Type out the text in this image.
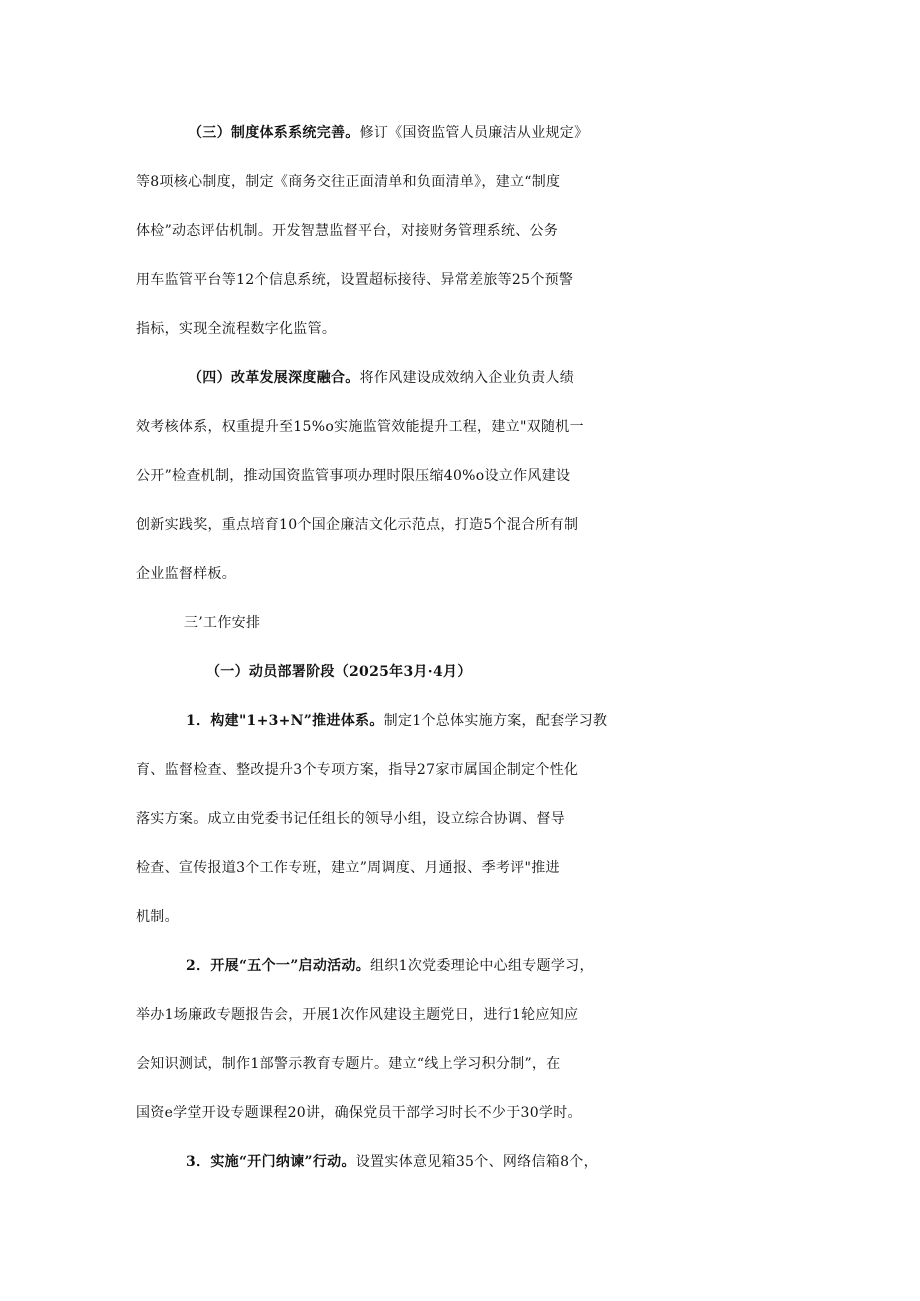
（三）制度体系系统完善。修订《国资监管人员廉洁从业规定》
等8项核心制度，制定《商务交往正面清单和负面清单》，建立“制度
体检”动态评估机制。开发智慧监督平台，对接财务管理系统、公务
用车监管平台等12个信息系统，设置超标接待、异常差旅等25个预警
指标，实现全流程数字化监管。
（四）改革发展深度融合。将作风建设成效纳入企业负责人绩
效考核体系，权重提升至15%o实施监管效能提升工程，建立"双随机一
公开”检查机制，推动国资监管事项办理时限压缩40%o设立作风建设
创新实践奖，重点培育10个国企廉洁文化示范点，打造5个混合所有制
企业监督样板。
三’工作安排
（一）动员部署阶段（2025年3月·4月）
1．构建"1+3+N”推进体系。制定1个总体实施方案，配套学习教
育、监督检查、整改提升3个专项方案，指导27家市属国企制定个性化
落实方案。成立由党委书记任组长的领导小组，设立综合协调、督导
检查、宣传报道3个工作专班，建立”周调度、月通报、季考评"推进
机制。
2．开展“五个一”启动活动。组织1次党委理论中心组专题学习，
举办1场廉政专题报告会，开展1次作风建设主题党日，进行1轮应知应
会知识测试，制作1部警示教育专题片。建立“线上学习积分制”，在
国资e学堂开设专题课程20讲，确保党员干部学习时长不少于30学时。
3．实施“开门纳谏”行动。设置实体意见箱35个、网络信箱8个，
